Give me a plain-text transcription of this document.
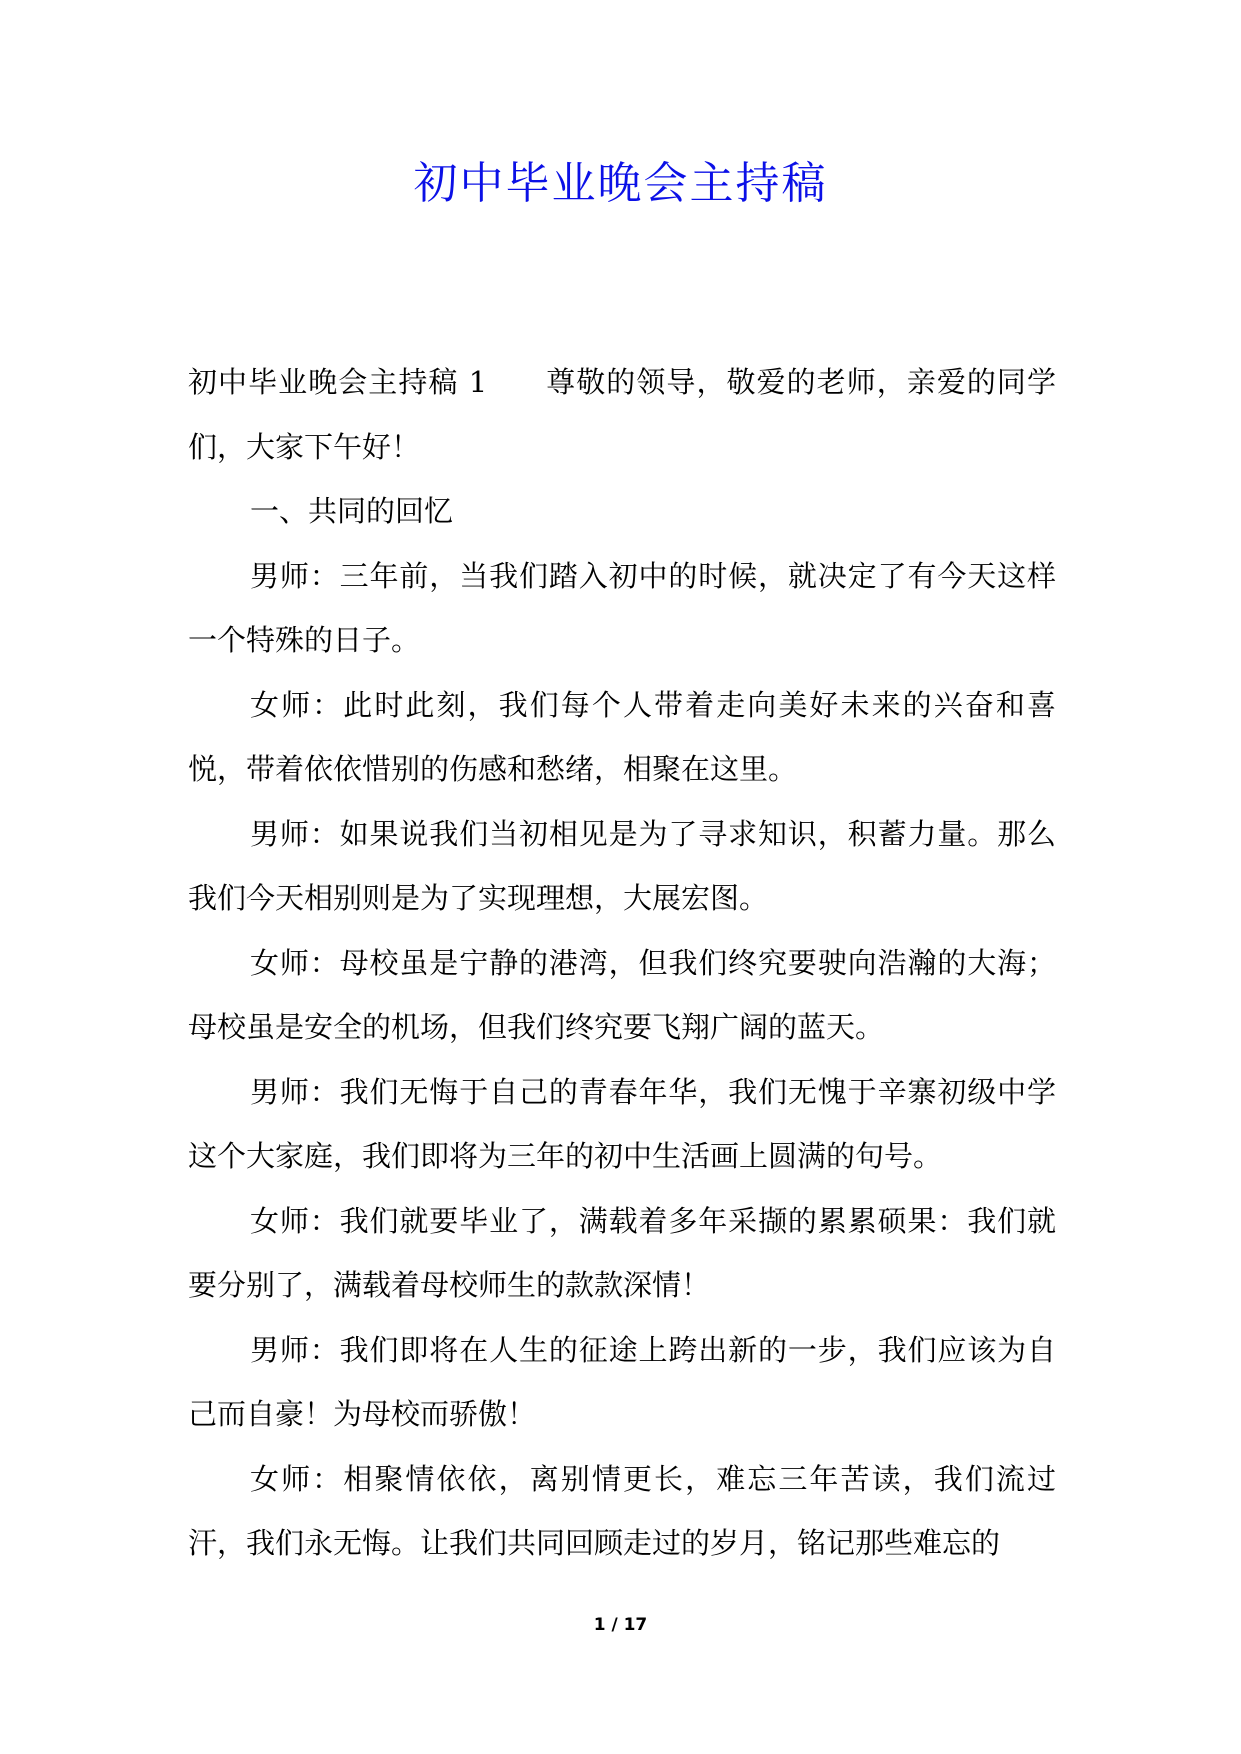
初中毕业晚会主持稿

初中毕业晚会主持稿 1 尊敬的领导，敬爱的老师，亲爱的同学们，大家下午好！

一、共同的回忆

男师：三年前，当我们踏入初中的时候，就决定了有今天这样一个特殊的日子。

女师：此时此刻，我们每个人带着走向美好未来的兴奋和喜悦，带着依依惜别的伤感和愁绪，相聚在这里。

男师：如果说我们当初相见是为了寻求知识，积蓄力量。那么我们今天相别则是为了实现理想，大展宏图。

女师：母校虽是宁静的港湾，但我们终究要驶向浩瀚的大海；母校虽是安全的机场，但我们终究要飞翔广阔的蓝天。

男师：我们无悔于自己的青春年华，我们无愧于辛寨初级中学这个大家庭，我们即将为三年的初中生活画上圆满的句号。

女师：我们就要毕业了，满载着多年采撷的累累硕果：我们就要分别了，满载着母校师生的款款深情！

男师：我们即将在人生的征途上跨出新的一步，我们应该为自己而自豪！为母校而骄傲！

女师：相聚情依依，离别情更长，难忘三年苦读，我们流过汗，我们永无悔。让我们共同回顾走过的岁月，铭记那些难忘的

1 / 17
